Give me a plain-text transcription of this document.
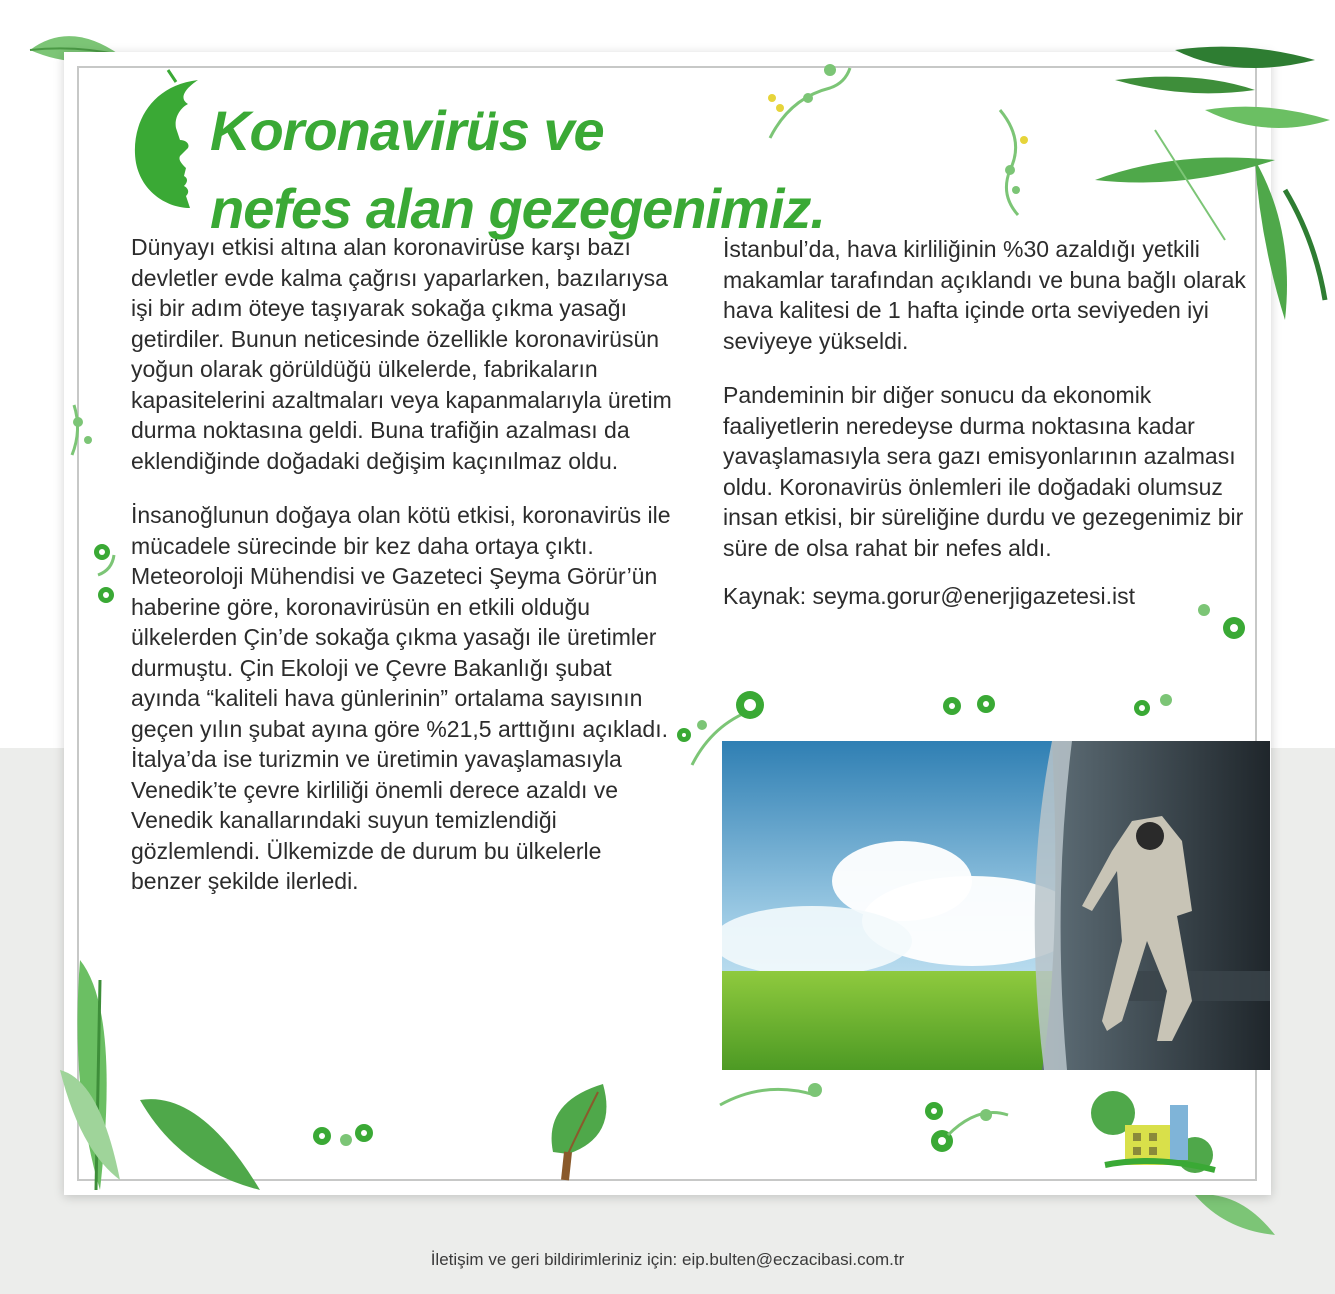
Koronavirüs ve
nefes alan gezegenimiz.

Dünyayı etkisi altına alan koronavirüse karşı bazı devletler evde kalma çağrısı yaparlarken, bazılarıysa işi bir adım öteye taşıyarak sokağa çıkma yasağı getirdiler. Bunun neticesinde özellikle koronavirüsün yoğun olarak görüldüğü ülkelerde, fabrikaların kapasitelerini azaltmaları veya kapanmalarıyla üretim durma noktasına geldi. Buna trafiğin azalması da eklendiğinde doğadaki değişim kaçınılmaz oldu.

İnsanoğlunun doğaya olan kötü etkisi, koronavirüs ile mücadele sürecinde bir kez daha ortaya çıktı. Meteoroloji Mühendisi ve Gazeteci Şeyma Görür’ün haberine göre, koronavirüsün en etkili olduğu ülkelerden Çin’de sokağa çıkma yasağı ile üretimler durmuştu. Çin Ekoloji ve Çevre Bakanlığı şubat ayında “kaliteli hava günlerinin” ortalama sayısının geçen yılın şubat ayına göre %21,5 arttığını açıkladı. İtalya’da ise turizmin ve üretimin yavaşlamasıyla Venedik’te çevre kirliliği önemli derece azaldı ve Venedik kanallarındaki suyun temizlendiği gözlemlendi. Ülkemizde de durum bu ülkelerle benzer şekilde ilerledi.

İstanbul’da, hava kirliliğinin %30 azaldığı yetkili makamlar tarafından açıklandı ve buna bağlı olarak hava kalitesi de 1 hafta içinde orta seviyeden iyi seviyeye yükseldi.

Pandeminin bir diğer sonucu da ekonomik faaliyetlerin neredeyse durma noktasına kadar yavaşlamasıyla sera gazı emisyonlarının azalması oldu. Koronavirüs önlemleri ile doğadaki olumsuz insan etkisi, bir süreliğine durdu ve gezegenimiz bir süre de olsa rahat bir nefes aldı.

Kaynak: seyma.gorur@enerjigazetesi.ist

İletişim ve geri bildirimleriniz için: eip.bulten@eczacibasi.com.tr
